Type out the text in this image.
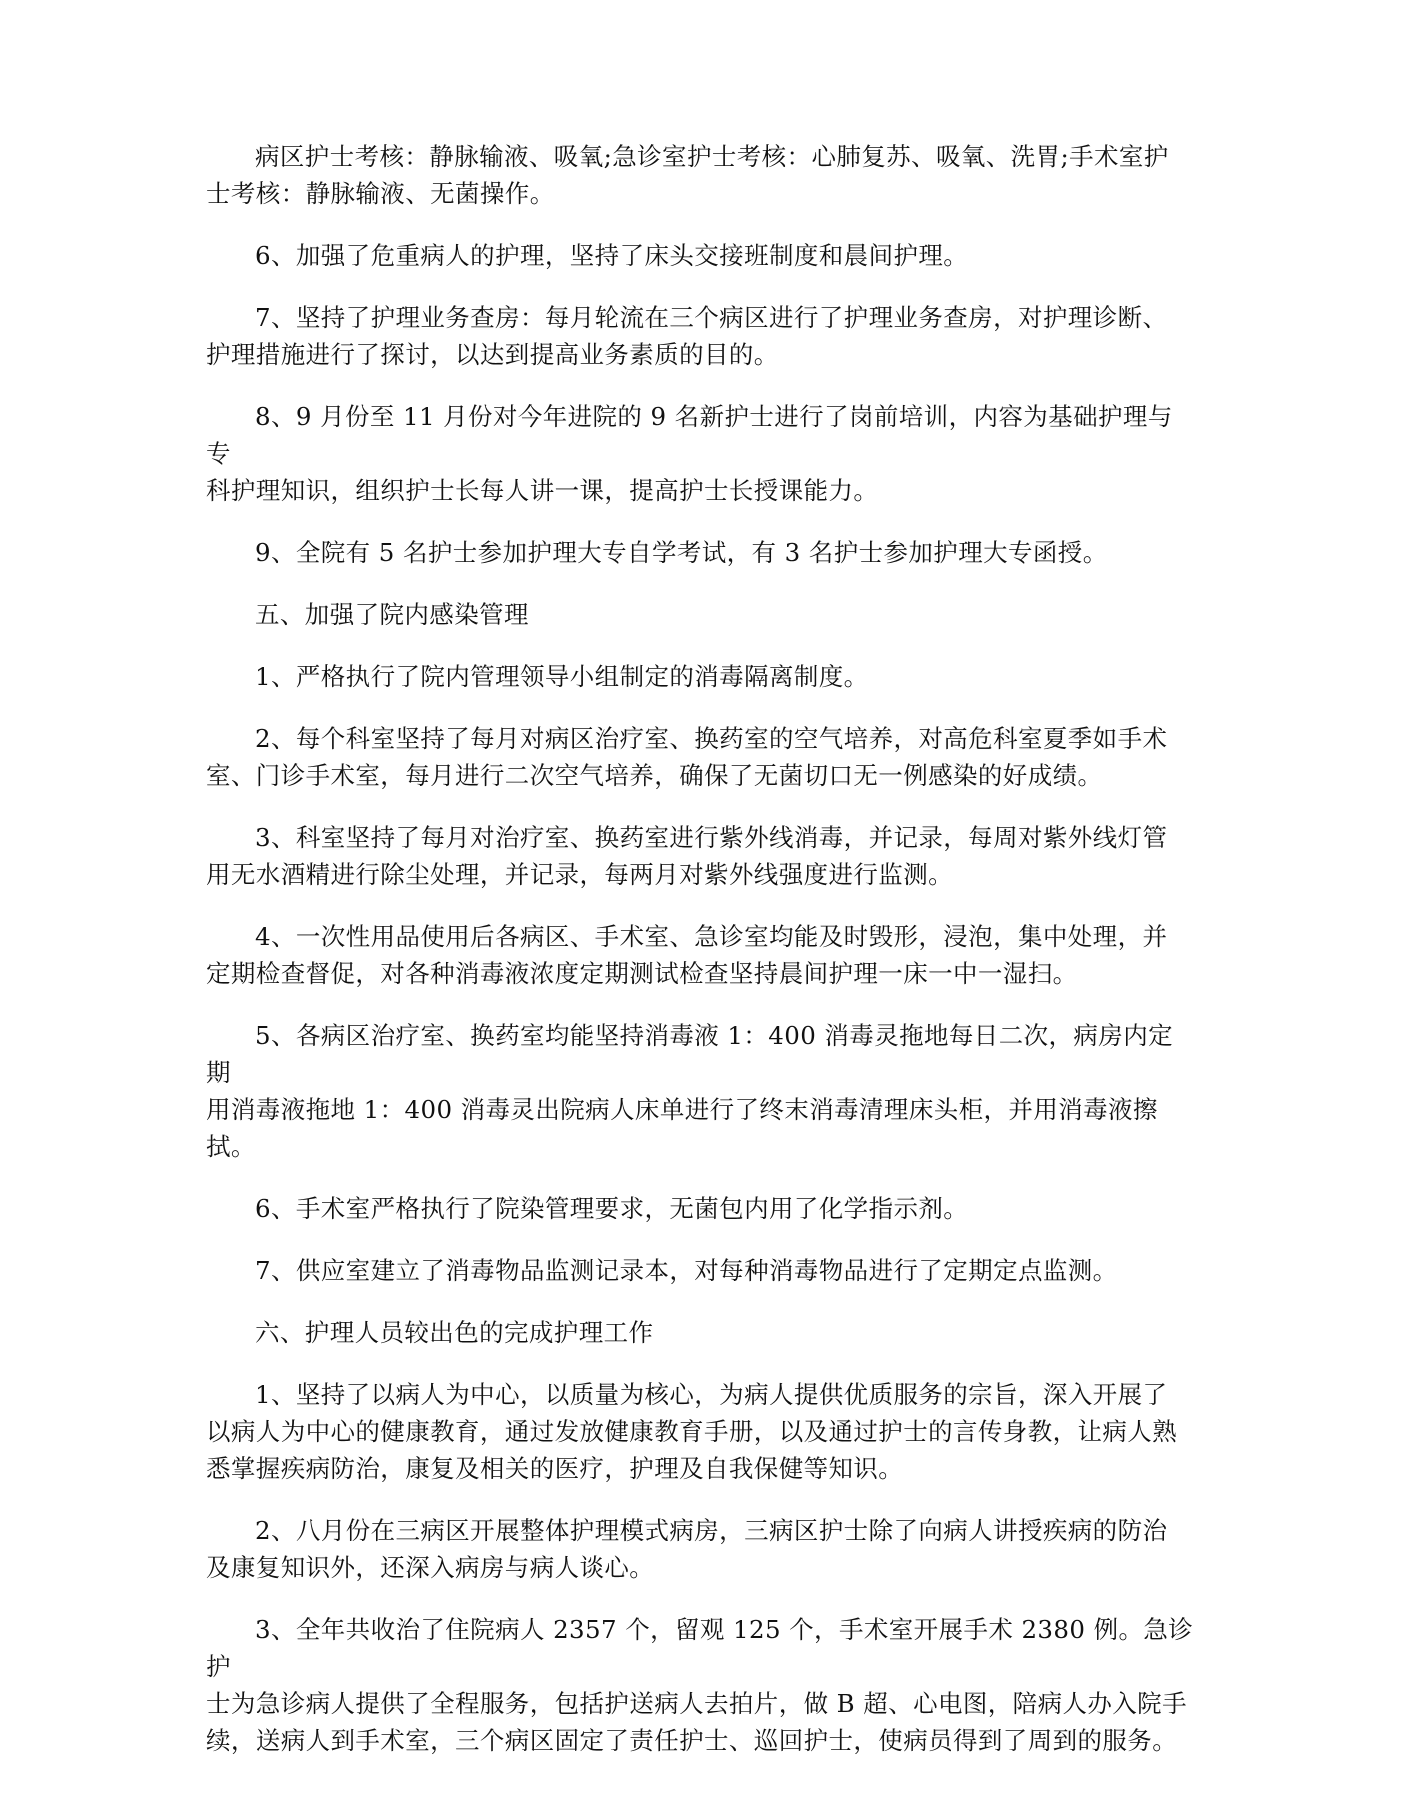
病区护士考核：静脉输液、吸氧;急诊室护士考核：心肺复苏、吸氧、洗胃;手术室护
士考核：静脉输液、无菌操作。

6、加强了危重病人的护理，坚持了床头交接班制度和晨间护理。

7、坚持了护理业务查房：每月轮流在三个病区进行了护理业务查房，对护理诊断、
护理措施进行了探讨，以达到提高业务素质的目的。

8、9 月份至 11 月份对今年进院的 9 名新护士进行了岗前培训，内容为基础护理与专
科护理知识，组织护士长每人讲一课，提高护士长授课能力。

9、全院有 5 名护士参加护理大专自学考试，有 3 名护士参加护理大专函授。

五、加强了院内感染管理

1、严格执行了院内管理领导小组制定的消毒隔离制度。

2、每个科室坚持了每月对病区治疗室、换药室的空气培养，对高危科室夏季如手术
室、门诊手术室，每月进行二次空气培养，确保了无菌切口无一例感染的好成绩。

3、科室坚持了每月对治疗室、换药室进行紫外线消毒，并记录，每周对紫外线灯管
用无水酒精进行除尘处理，并记录，每两月对紫外线强度进行监测。

4、一次性用品使用后各病区、手术室、急诊室均能及时毁形，浸泡，集中处理，并
定期检查督促，对各种消毒液浓度定期测试检查坚持晨间护理一床一中一湿扫。

5、各病区治疗室、换药室均能坚持消毒液 1：400 消毒灵拖地每日二次，病房内定期
用消毒液拖地 1：400 消毒灵出院病人床单进行了终末消毒清理床头柜，并用消毒液擦拭。

6、手术室严格执行了院染管理要求，无菌包内用了化学指示剂。

7、供应室建立了消毒物品监测记录本，对每种消毒物品进行了定期定点监测。

六、护理人员较出色的完成护理工作

1、坚持了以病人为中心，以质量为核心，为病人提供优质服务的宗旨，深入开展了
以病人为中心的健康教育，通过发放健康教育手册，以及通过护士的言传身教，让病人熟
悉掌握疾病防治，康复及相关的医疗，护理及自我保健等知识。

2、八月份在三病区开展整体护理模式病房，三病区护士除了向病人讲授疾病的防治
及康复知识外，还深入病房与病人谈心。

3、全年共收治了住院病人 2357 个，留观 125 个，手术室开展手术 2380 例。急诊护
士为急诊病人提供了全程服务，包括护送病人去拍片，做 B 超、心电图，陪病人办入院手
续，送病人到手术室，三个病区固定了责任护士、巡回护士，使病员得到了周到的服务。
